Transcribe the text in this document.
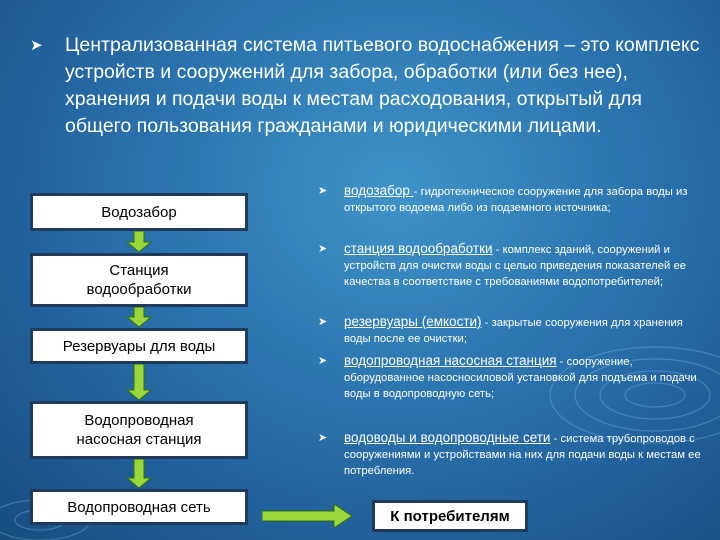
➤ Централизованная система питьевого водоснабжения – это комплекс устройств и сооружений для забора, обработки (или без нее), хранения и подачи воды к местам расходования, открытый для общего пользования гражданами и юридическими лицами.
Водозабор
Станция водообработки
Резервуары для воды
Водопроводная насосная станция
Водопроводная сеть
К потребителям
➤ водозабор - гидротехническое сооружение для забора воды из открытого водоема либо из подземного источника;
➤ станция водообработки - комплекс зданий, сооружений и устройств для очистки воды с целью приведения показателей ее качества в соответствие с требованиями водопотребителей;
➤ резервуары (емкости) - закрытые сооружения для хранения воды после ее очистки;
➤ водопроводная насосная станция - сооружение, оборудованное насосносиловой установкой для подъема и подачи воды в водопроводную сеть;
➤ водоводы и водопроводные сети - система трубопроводов с сооружениями и устройствами на них для подачи воды к местам ее потребления.
